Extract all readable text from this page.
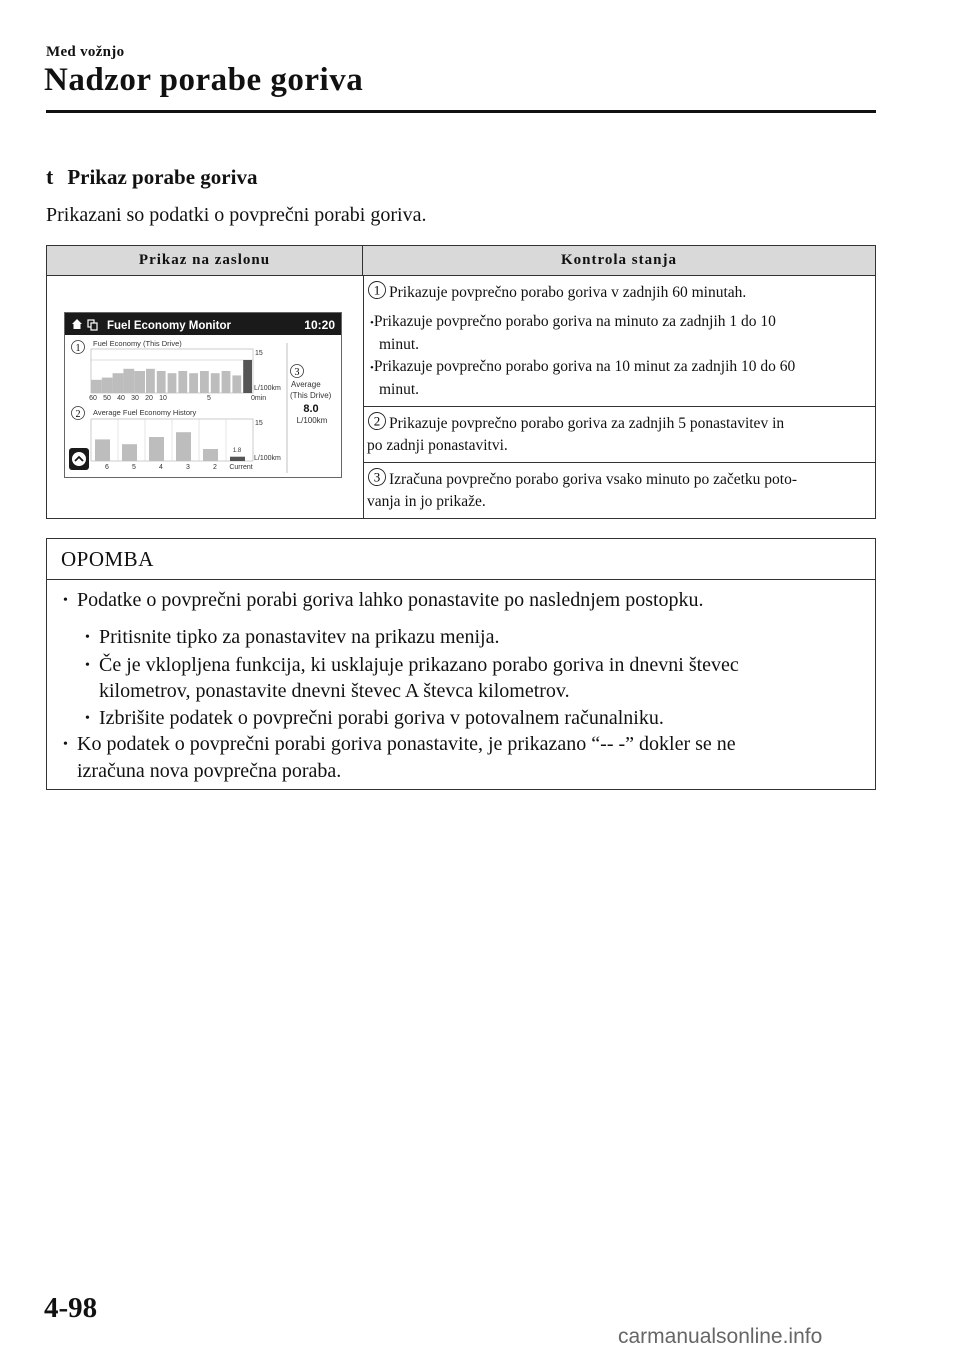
Med vožnjo
Nadzor porabe goriva
t Prikaz porabe goriva
Prikazani so podatki o povprečni porabi goriva.
Prikaz na zaslonu	Kontrola stanja
1 Prikazuje povprečno porabo goriva v zadnjih 60 minutah.
•Prikazuje povprečno porabo goriva na minuto za zadnjih 1 do 10
minut.
•Prikazuje povprečno porabo goriva na 10 minut za zadnjih 10 do 60
minut.
2 Prikazuje povprečno porabo goriva za zadnjih 5 ponastavitev in
po zadnji ponastavitvi.
3 Izračuna povprečno porabo goriva vsako minuto po začetku poto-
vanja in jo prikaže.
Fuel Economy Monitor	10:20
1 Fuel Economy (This Drive)
15
L/100km
0min
60 50 40 30 20 10	5
2 Average Fuel Economy History
15
L/100km
1.8
6	5	4	3	2 Current
3
Average
(This Drive)
8.0
L/100km
OPOMBA
• Podatke o povprečni porabi goriva lahko ponastavite po naslednjem postopku.
• Pritisnite tipko za ponastavitev na prikazu menija.
• Če je vklopljena funkcija, ki usklajuje prikazano porabo goriva in dnevni števec
kilometrov, ponastavite dnevni števec A števca kilometrov.
• Izbrišite podatek o povprečni porabi goriva v potovalnem računalniku.
• Ko podatek o povprečni porabi goriva ponastavite, je prikazano “-- -” dokler se ne
izračuna nova povprečna poraba.
4-98
carmanualsonline.info
